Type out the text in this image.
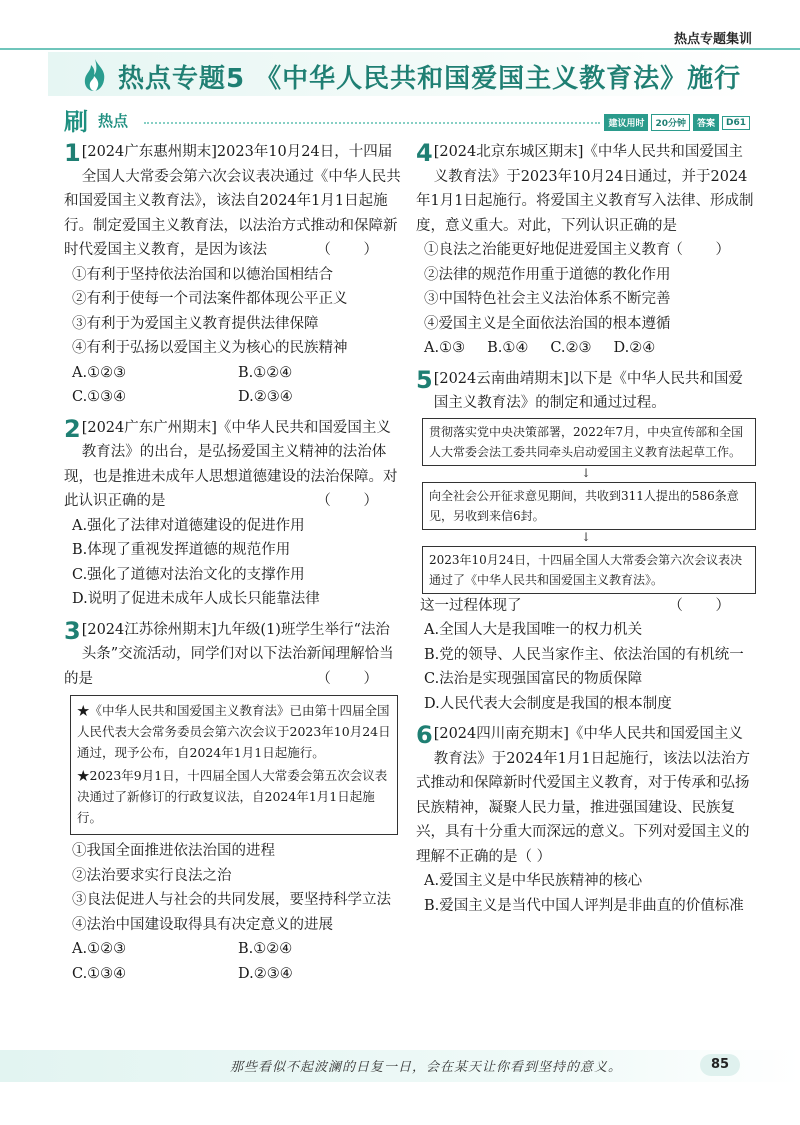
热点专题集训
热点专题5 《中华人民共和国爱国主义教育法》施行
刷 热点	建议用时	20分钟	答案	D61
1 [2024广东惠州期末]2023年10月24日，十四届全国人大常委会第六次会议表决通过《中华人民共和国爱国主义教育法》，该法自2024年1月1日起施行。制定爱国主义教育法，以法治方式推动和保障新时代爱国主义教育，是因为该法	（ ）
①有利于坚持依法治国和以德治国相结合
②有利于使每一个司法案件都体现公平正义
③有利于为爱国主义教育提供法律保障
④有利于弘扬以爱国主义为核心的民族精神
A.①②③	B.①②④
C.①③④	D.②③④
2 [2024广东广州期末]《中华人民共和国爱国主义教育法》的出台，是弘扬爱国主义精神的法治体现，也是推进未成年人思想道德建设的法治保障。对此认识正确的是	（ ）
A.强化了法律对道德建设的促进作用
B.体现了重视发挥道德的规范作用
C.强化了道德对法治文化的支撑作用
D.说明了促进未成年人成长只能靠法律
3 [2024江苏徐州期末]九年级(1)班学生举行“法治头条”交流活动，同学们对以下法治新闻理解恰当的是	（ ）

★《中华人民共和国爱国主义教育法》已由第十四届全国人民代表大会常务委员会第六次会议于2023年10月24日通过，现予公布，自2024年1月1日起施行。

★2023年9月1日，十四届全国人大常委会第五次会议表决通过了新修订的行政复议法，自2024年1月1日起施行。

①我国全面推进依法治国的进程
②法治要求实行良法之治
③良法促进人与社会的共同发展，要坚持科学立法
④法治中国建设取得具有决定意义的进展
A.①②③	B.①②④
C.①③④	D.②③④
4 [2024北京东城区期末]《中华人民共和国爱国主义教育法》于2023年10月24日通过，并于2024年1月1日起施行。将爱国主义教育写入法律、形成制度，意义重大。对此，下列认识正确的是
（ ）
①良法之治能更好地促进爱国主义教育
②法律的规范作用重于道德的教化作用
③中国特色社会主义法治体系不断完善
④爱国主义是全面依法治国的根本遵循
A.①③ B.①④ C.②③ D.②④
5 [2024云南曲靖期末]以下是《中华人民共和国爱国主义教育法》的制定和通过过程。
贯彻落实党中央决策部署，2022年7月，中央宣传部和全国人大常委会法工委共同牵头启动爱国主义教育法起草工作。
↓
向全社会公开征求意见期间，共收到311人提出的586条意见，另收到来信6封。
↓
2023年10月24日，十四届全国人大常委会第六次会议表决通过了《中华人民共和国爱国主义教育法》。
这一过程体现了	（ ）
A.全国人大是我国唯一的权力机关
B.党的领导、人民当家作主、依法治国的有机统一
C.法治是实现强国富民的物质保障
D.人民代表大会制度是我国的根本制度
6 [2024四川南充期末]《中华人民共和国爱国主义教育法》于2024年1月1日起施行，该法以法治方式推动和保障新时代爱国主义教育，对于传承和弘扬民族精神，凝聚人民力量，推进强国建设、民族复兴，具有十分重大而深远的意义。下列对爱国主义的理解不正确的是（ ）
A.爱国主义是中华民族精神的核心
B.爱国主义是当代中国人评判是非曲直的价值标准
那些看似不起波澜的日复一日，会在某天让你看到坚持的意义。	85
